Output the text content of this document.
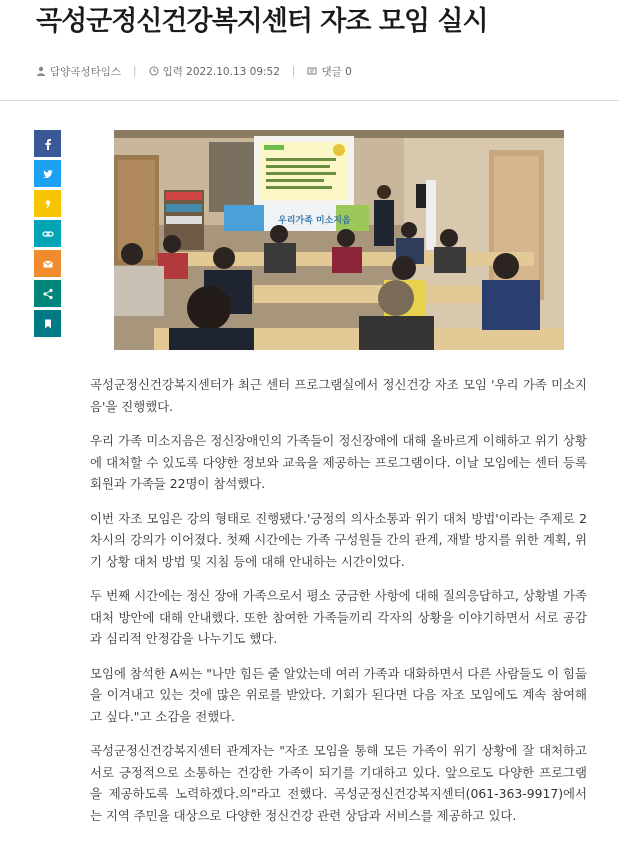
곡성군정신건강복지센터 자조 모임 실시
담양곡성타임스 | 입력 2022.10.13 09:52 | 댓글 0
우리가족 미소지음

곡성군정신건강복지센터가 최근 센터 프로그램실에서 정신건강 자조 모임 '우리 가족 미소지음'을 진행했다.

우리 가족 미소지음은 정신장애인의 가족들이 정신장애에 대해 올바르게 이해하고 위기 상황에 대처할 수 있도록 다양한 정보와 교육을 제공하는 프로그램이다. 이날 모임에는 센터 등록회원과 가족들 22명이 참석했다.

이번 자조 모임은 강의 형태로 진행됐다.'긍정의 의사소통과 위기 대처 방법'이라는 주제로 2차시의 강의가 이어졌다. 첫째 시간에는 가족 구성원들 간의 관계, 재발 방지를 위한 계획, 위기 상황 대처 방법 및 지침 등에 대해 안내하는 시간이었다.

두 번째 시간에는 정신 장애 가족으로서 평소 궁금한 사항에 대해 질의응답하고, 상황별 가족 대처 방안에 대해 안내했다. 또한 참여한 가족들끼리 각자의 상황을 이야기하면서 서로 공감과 심리적 안정감을 나누기도 했다.

모임에 참석한 A씨는 "나만 힘든 줄 알았는데 여러 가족과 대화하면서 다른 사람들도 이 힘듦을 이겨내고 있는 것에 많은 위로를 받았다. 기회가 된다면 다음 자조 모임에도 계속 참여해고 싶다."고 소감을 전했다.

곡성군정신건강복지센터 관계자는 "자조 모임을 통해 모든 가족이 위기 상황에 잘 대처하고 서로 긍정적으로 소통하는 건강한 가족이 되기를 기대하고 있다. 앞으로도 다양한 프로그램을 제공하도록 노력하겠다.의"라고 전했다. 곡성군정신건강복지센터(061-363-9917)에서는 지역 주민을 대상으로 다양한 정신건강 관련 상담과 서비스를 제공하고 있다.
